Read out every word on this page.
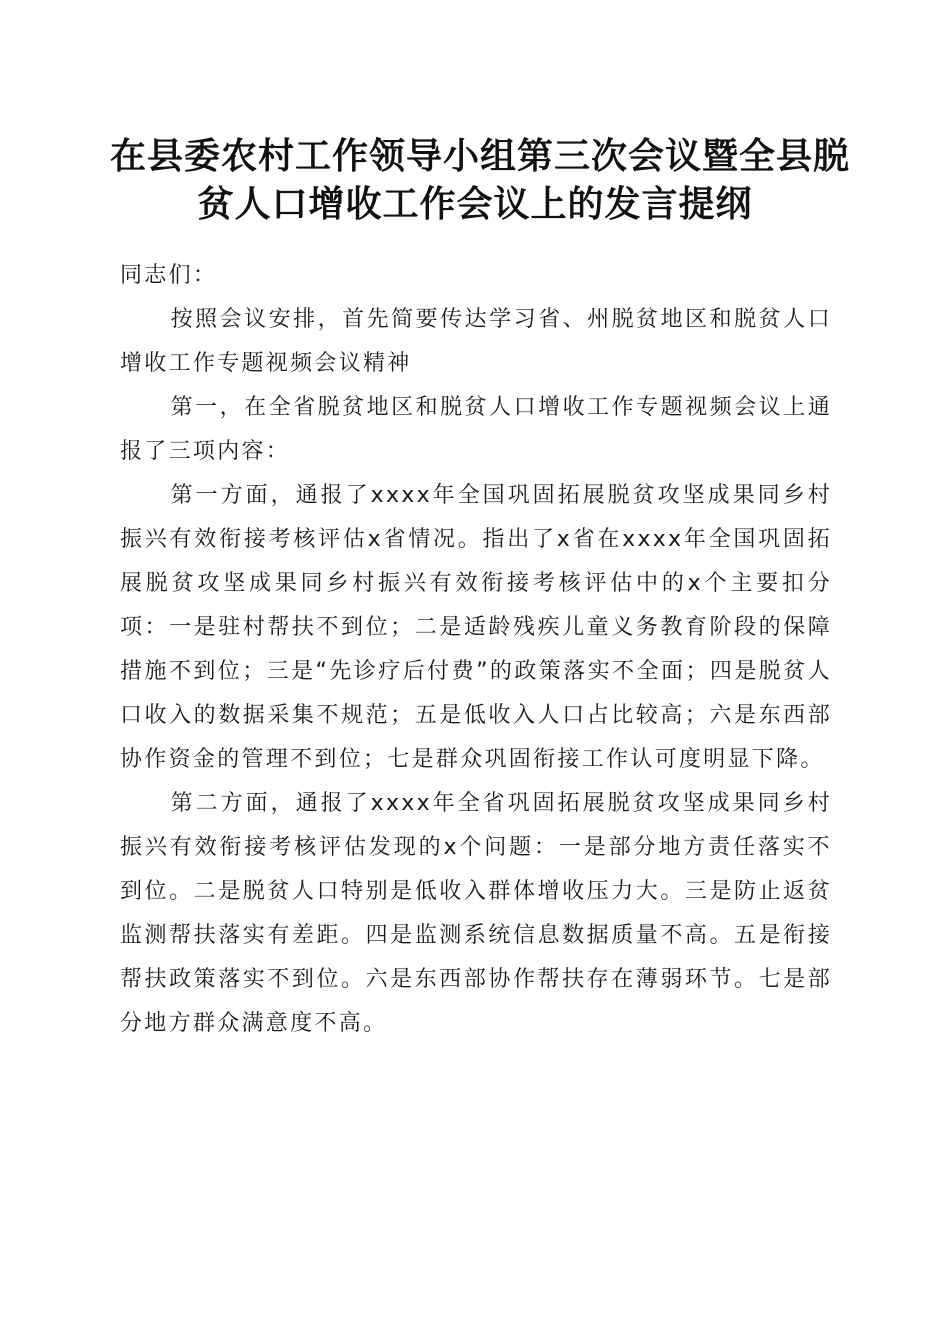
在县委农村工作领导小组第三次会议暨全县脱
贫人口增收工作会议上的发言提纲

同志们：

按照会议安排，首先简要传达学习省、州脱贫地区和脱贫人口增收工作专题视频会议精神

第一，在全省脱贫地区和脱贫人口增收工作专题视频会议上通报了三项内容：

第一方面，通报了xxxx年全国巩固拓展脱贫攻坚成果同乡村振兴有效衔接考核评估x省情况。指出了x省在xxxx年全国巩固拓展脱贫攻坚成果同乡村振兴有效衔接考核评估中的x个主要扣分项：一是驻村帮扶不到位；二是适龄残疾儿童义务教育阶段的保障措施不到位；三是“先诊疗后付费”的政策落实不全面；四是脱贫人口收入的数据采集不规范；五是低收入人口占比较高；六是东西部协作资金的管理不到位；七是群众巩固衔接工作认可度明显下降。

第二方面，通报了xxxx年全省巩固拓展脱贫攻坚成果同乡村振兴有效衔接考核评估发现的x个问题：一是部分地方责任落实不到位。二是脱贫人口特别是低收入群体增收压力大。三是防止返贫监测帮扶落实有差距。四是监测系统信息数据质量不高。五是衔接帮扶政策落实不到位。六是东西部协作帮扶存在薄弱环节。七是部分地方群众满意度不高。
